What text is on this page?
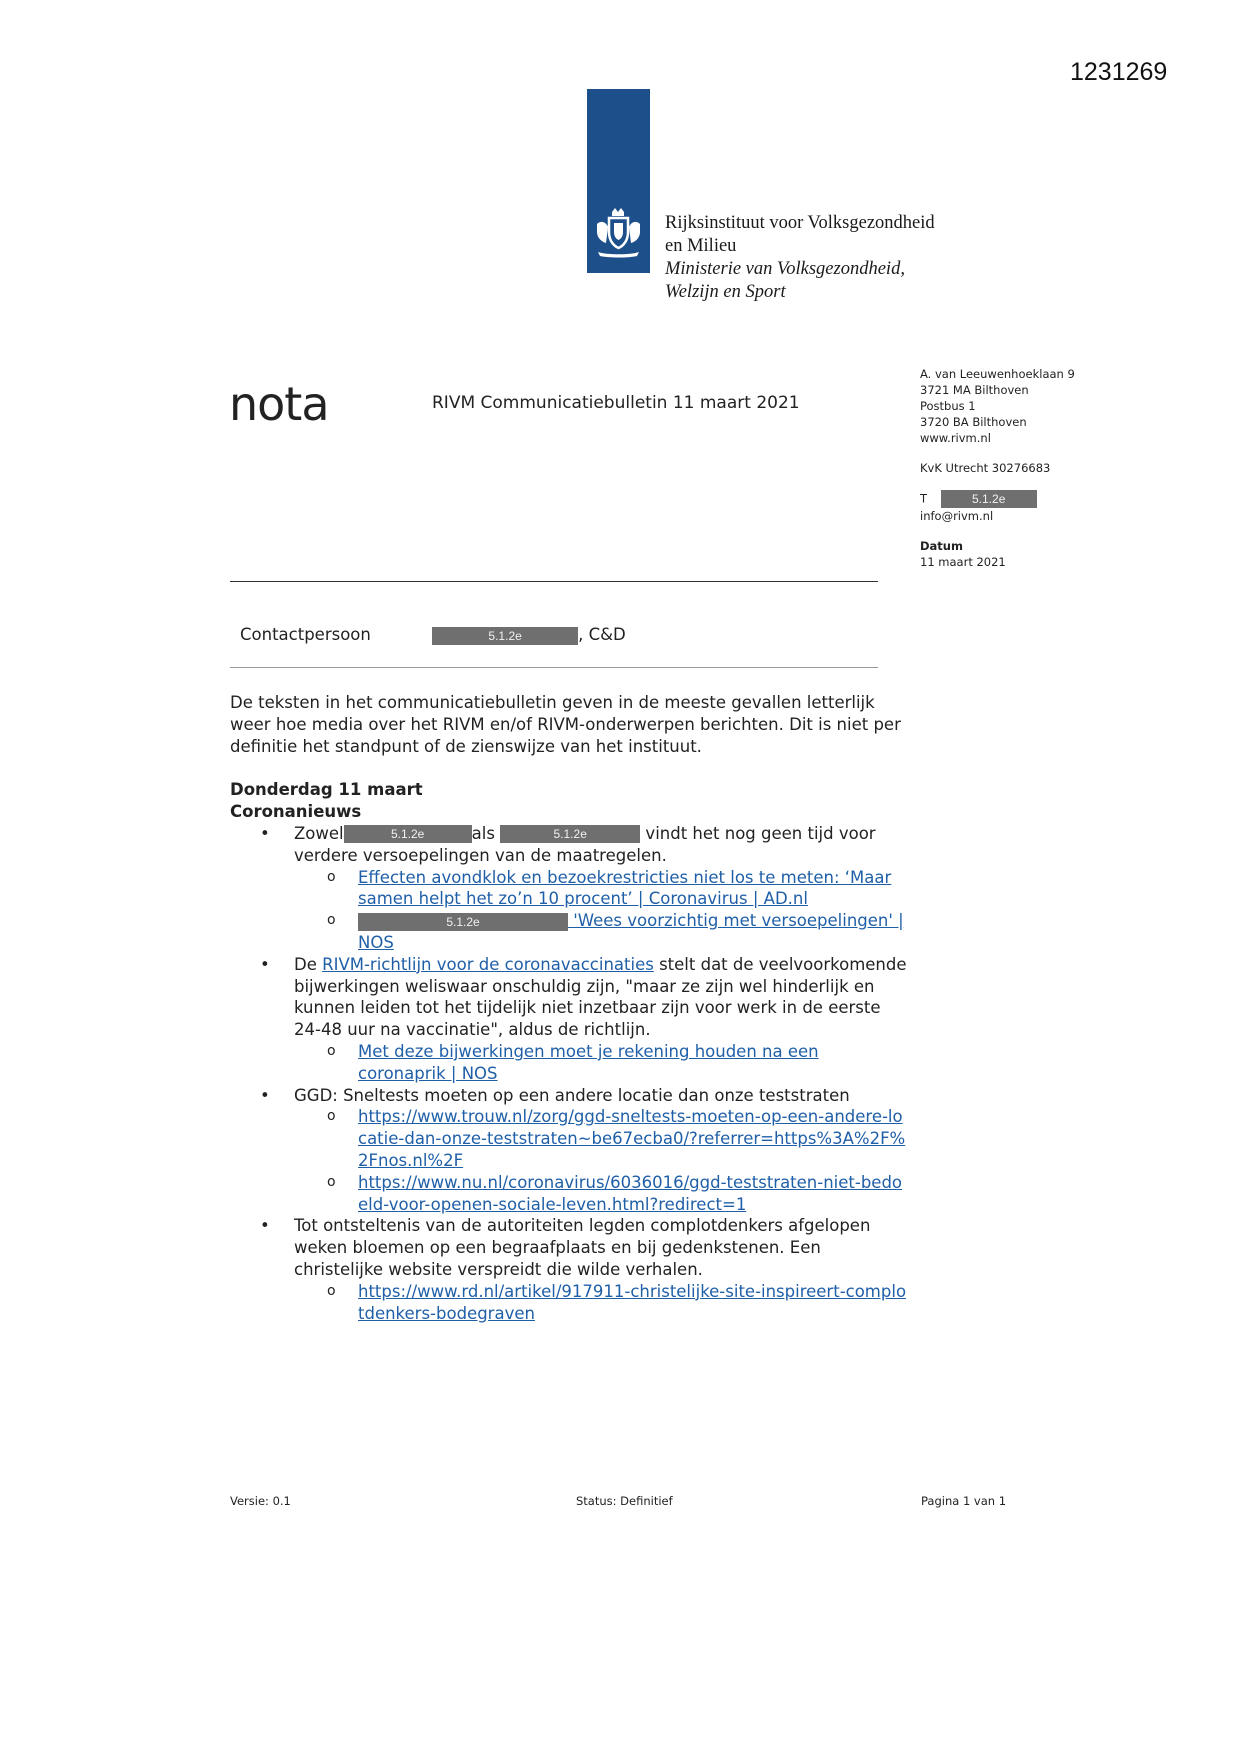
1231269
Rijksinstituut voor Volksgezondheid
en Milieu
Ministerie van Volksgezondheid,
Welzijn en Sport
nota	RIVM Communicatiebulletin 11 maart 2021
A. van Leeuwenhoeklaan 9
3721 MA Bilthoven
Postbus 1
3720 BA Bilthoven
www.rivm.nl
KvK Utrecht 30276683
T	5.1.2e
info@rivm.nl
Datum
11 maart 2021
Contactpersoon	5.1.2e	, C&D

De teksten in het communicatiebulletin geven in de meeste gevallen letterlijk weer hoe media over het RIVM en/of RIVM-onderwerpen berichten. Dit is niet per definitie het standpunt of de zienswijze van het instituut.

Donderdag 11 maart

Coronanieuws

• Zowel	5.1.2e	als	5.1.2e	vindt het nog geen tijd voor verdere versoepelingen van de maatregelen.
o Effecten avondklok en bezoekrestricties niet los te meten: ‘Maar samen helpt het zo’n 10 procent’ | Coronavirus | AD.nl
o 5.1.2e	'Wees voorzichtig met versoepelingen' | NOS
• De RIVM-richtlijn voor de coronavaccinaties stelt dat de veelvoorkomende bijwerkingen weliswaar onschuldig zijn, "maar ze zijn wel hinderlijk en kunnen leiden tot het tijdelijk niet inzetbaar zijn voor werk in de eerste 24-48 uur na vaccinatie", aldus de richtlijn.
o Met deze bijwerkingen moet je rekening houden na een coronaprik | NOS
• GGD: Sneltests moeten op een andere locatie dan onze teststraten
o https://www.trouw.nl/zorg/ggd-sneltests-moeten-op-een-andere-locatie-dan-onze-teststraten~be67ecba0/?referrer=https%3A%2F%2Fnos.nl%2F
o https://www.nu.nl/coronavirus/6036016/ggd-teststraten-niet-bedoeld-voor-openen-sociale-leven.html?redirect=1
• Tot ontsteltenis van de autoriteiten legden complotdenkers afgelopen weken bloemen op een begraafplaats en bij gedenkstenen. Een christelijke website verspreidt die wilde verhalen.
o https://www.rd.nl/artikel/917911-christelijke-site-inspireert-complotdenkers-bodegraven
Versie: 0.1	Status: Definitief	Pagina 1 van 1
